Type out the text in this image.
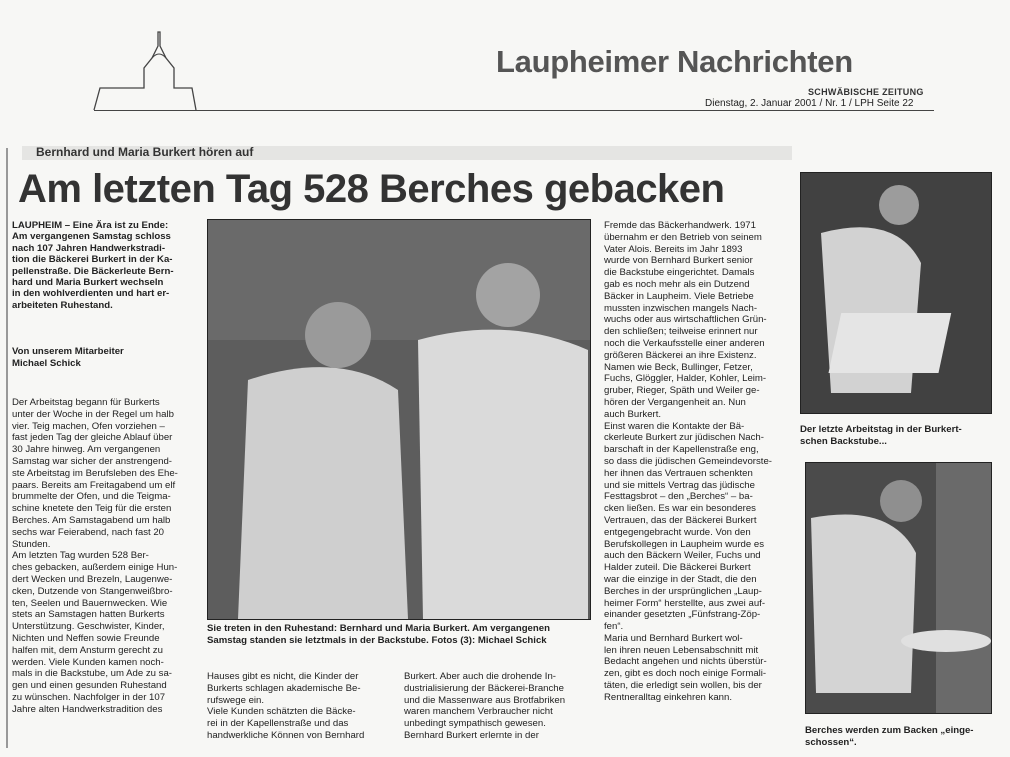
Laupheimer Nachrichten
SCHWÄBISCHE ZEITUNG
Dienstag, 2. Januar 2001 / Nr. 1 / LPH Seite 22
Bernhard und Maria Burkert hören auf
Am letzten Tag 528 Berches gebacken
LAUPHEIM – Eine Ära ist zu Ende:
Am vergangenen Samstag schloss
nach 107 Jahren Handwerkstradi-
tion die Bäckerei Burkert in der Ka-
pellenstraße. Die Bäckerleute Bern-
hard und Maria Burkert wechseln
in den wohlverdienten und hart er-
arbeiteten Ruhestand.
Von unserem Mitarbeiter
Michael Schick

Der Arbeitstag begann für Burkerts
unter der Woche in der Regel um halb
vier. Teig machen, Ofen vorziehen –
fast jeden Tag der gleiche Ablauf über
30 Jahre hinweg. Am vergangenen
Samstag war sicher der anstrengend-
ste Arbeitstag im Berufsleben des Ehe-
paars. Bereits am Freitagabend um elf
brummelte der Ofen, und die Teigma-
schine knetete den Teig für die ersten
Berches. Am Samstagabend um halb
sechs war Feierabend, nach fast 20
Stunden.
Am letzten Tag wurden 528 Ber-
ches gebacken, außerdem einige Hun-
dert Wecken und Brezeln, Laugenwe-
cken, Dutzende von Stangenweißbro-
ten, Seelen und Bauernwecken. Wie
stets an Samstagen hatten Burkerts
Unterstützung. Geschwister, Kinder,
Nichten und Neffen sowie Freunde
halfen mit, dem Ansturm gerecht zu
werden. Viele Kunden kamen noch-
mals in die Backstube, um Ade zu sa-
gen und einen gesunden Ruhestand
zu wünschen. Nachfolger in der 107
Jahre alten Handwerkstradition des

Sie treten in den Ruhestand: Bernhard und Maria Burkert. Am vergangenen
Samstag standen sie letztmals in der Backstube. Fotos (3): Michael Schick

Hauses gibt es nicht, die Kinder der
Burkerts schlagen akademische Be-
rufswege ein.
Viele Kunden schätzten die Bäcke-
rei in der Kapellenstraße und das
handwerkliche Können von Bernhard

Burkert. Aber auch die drohende In-
dustrialisierung der Bäckerei-Branche
und die Massenware aus Brotfabriken
waren manchem Verbraucher nicht
unbedingt sympathisch gewesen.
Bernhard Burkert erlernte in der

Fremde das Bäckerhandwerk. 1971
übernahm er den Betrieb von seinem
Vater Alois. Bereits im Jahr 1893
wurde von Bernhard Burkert senior
die Backstube eingerichtet. Damals
gab es noch mehr als ein Dutzend
Bäcker in Laupheim. Viele Betriebe
mussten inzwischen mangels Nach-
wuchs oder aus wirtschaftlichen Grün-
den schließen; teilweise erinnert nur
noch die Verkaufsstelle einer anderen
größeren Bäckerei an ihre Existenz.
Namen wie Beck, Bullinger, Fetzer,
Fuchs, Glöggler, Halder, Kohler, Leim-
gruber, Rieger, Späth und Weiler ge-
hören der Vergangenheit an. Nun
auch Burkert.
Einst waren die Kontakte der Bä-
ckerleute Burkert zur jüdischen Nach-
barschaft in der Kapellenstraße eng,
so dass die jüdischen Gemeindevorste-
her ihnen das Vertrauen schenkten
und sie mittels Vertrag das jüdische
Festtagsbrot – den „Berches“ – ba-
cken ließen. Es war ein besonderes
Vertrauen, das der Bäckerei Burkert
entgegengebracht wurde. Von den
Berufskollegen in Laupheim wurde es
auch den Bäckern Weiler, Fuchs und
Halder zuteil. Die Bäckerei Burkert
war die einzige in der Stadt, die den
Berches in der ursprünglichen „Laup-
heimer Form“ herstellte, aus zwei auf-
einander gesetzten „Fünfstrang-Zöp-
fen“.
Maria und Bernhard Burkert wol-
len ihren neuen Lebensabschnitt mit
Bedacht angehen und nichts überstür-
zen, gibt es doch noch einige Formali-
täten, die erledigt sein wollen, bis der
Rentneralltag einkehren kann.

Der letzte Arbeitstag in der Burkert-
schen Backstube...
Berches werden zum Backen „einge-
schossen“.
